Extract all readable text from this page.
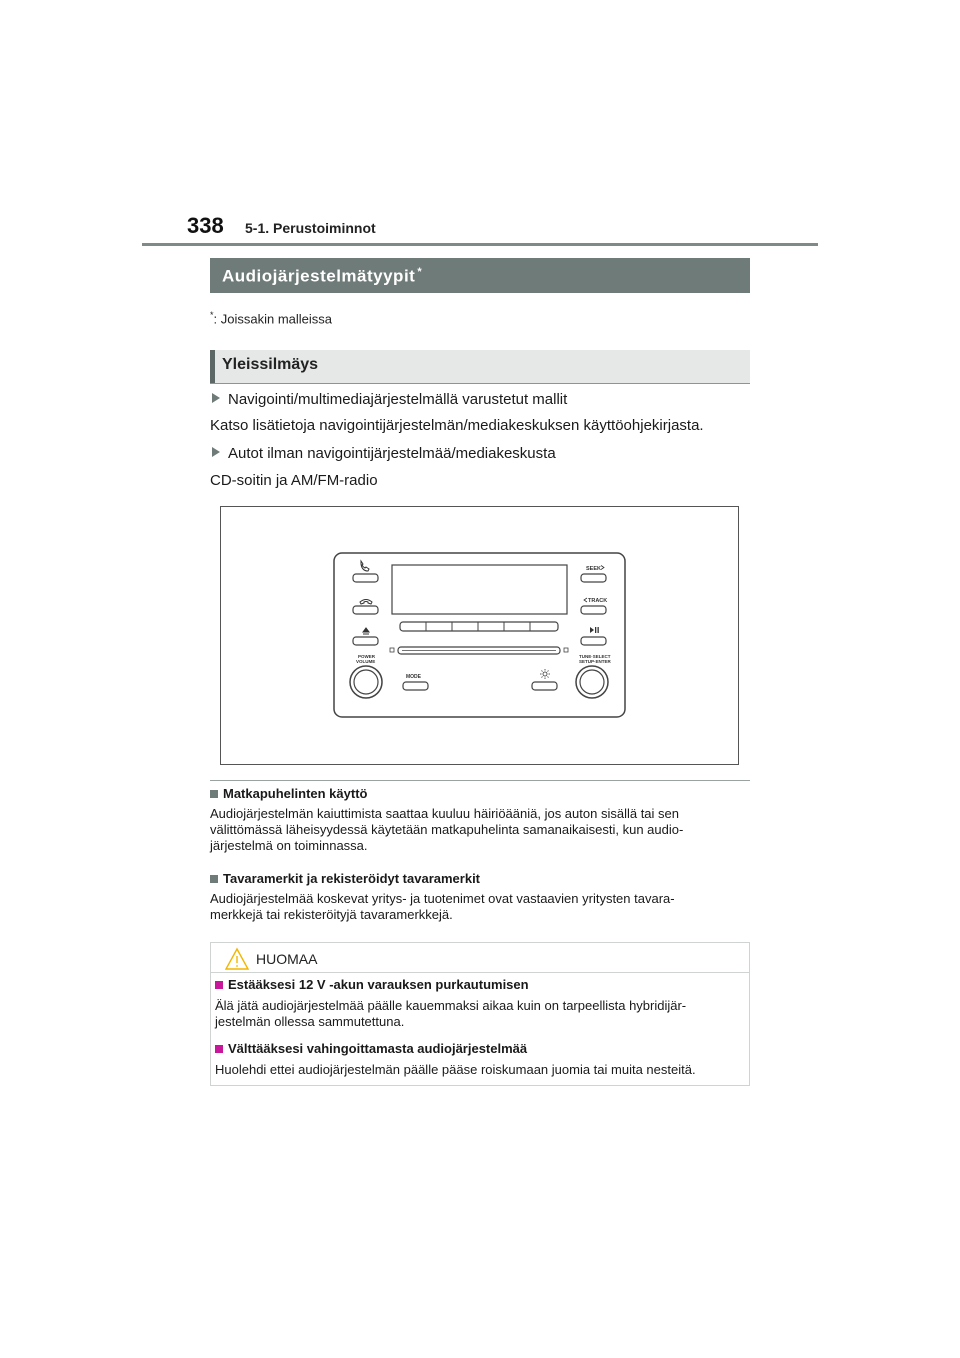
338 5-1. Perustoiminnot
Audiojärjestelmätyypit *
*: Joissakin malleissa
Yleissilmäys
Navigointi/multimediajärjestelmällä varustetut mallit
Katso lisätietoja navigointijärjestelmän/mediakeskuksen käyttöohjekirjasta.
Autot ilman navigointijärjestelmää/mediakeskusta
CD-soitin ja AM/FM-radio
SEEK
TRACK
POWER
VOLUME
TUNE·SELECT
SETUP·ENTER
MODE
Matkapuhelinten käyttö
Audiojärjestelmän kaiuttimista saattaa kuuluu häiriöääniä, jos auton sisällä tai sen
välittömässä läheisyydessä käytetään matkapuhelinta samanaikaisesti, kun audio-
järjestelmä on toiminnassa.
Tavaramerkit ja rekisteröidyt tavaramerkit
Audiojärjestelmää koskevat yritys- ja tuotenimet ovat vastaavien yritysten tavara-
merkkejä tai rekisteröityjä tavaramerkkejä.
HUOMAA
Estääksesi 12 V -akun varauksen purkautumisen
Älä jätä audiojärjestelmää päälle kauemmaksi aikaa kuin on tarpeellista hybridijär-
jestelmän ollessa sammutettuna.
Välttääksesi vahingoittamasta audiojärjestelmää
Huolehdi ettei audiojärjestelmän päälle pääse roiskumaan juomia tai muita nesteitä.
